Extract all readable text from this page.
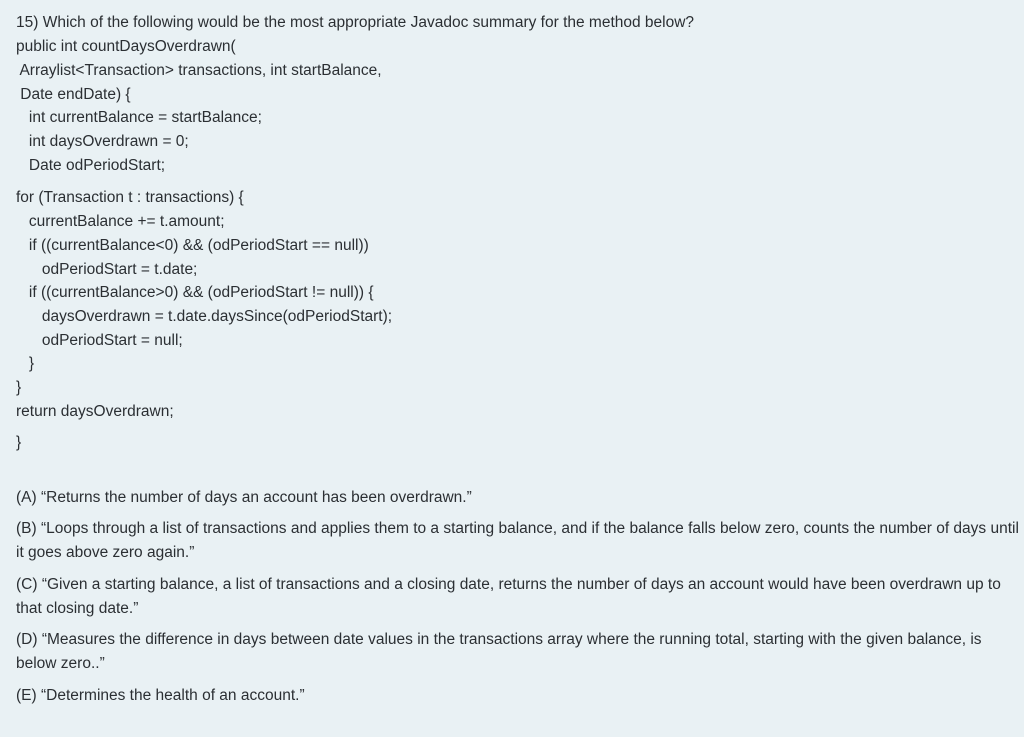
15) Which of the following would be the most appropriate Javadoc summary for the method below?
public int countDaysOverdrawn(
Arraylist<Transaction> transactions, int startBalance,
Date endDate) {
int currentBalance = startBalance;
int daysOverdrawn = 0;
Date odPeriodStart;
for (Transaction t : transactions) {
currentBalance += t.amount;
if ((currentBalance<0) && (odPeriodStart == null))
odPeriodStart = t.date;
if ((currentBalance>0) && (odPeriodStart != null)) {
daysOverdrawn = t.date.daysSince(odPeriodStart);
odPeriodStart = null;
}
}
return daysOverdrawn;
}
(A) “Returns the number of days an account has been overdrawn.”
(B) “Loops through a list of transactions and applies them to a starting balance, and if the balance falls below zero, counts the number of days until it goes above zero again.”
(C) “Given a starting balance, a list of transactions and a closing date, returns the number of days an account would have been overdrawn up to that closing date.”
(D) “Measures the difference in days between date values in the transactions array where the running total, starting with the given balance, is below zero..”
(E) “Determines the health of an account.”
